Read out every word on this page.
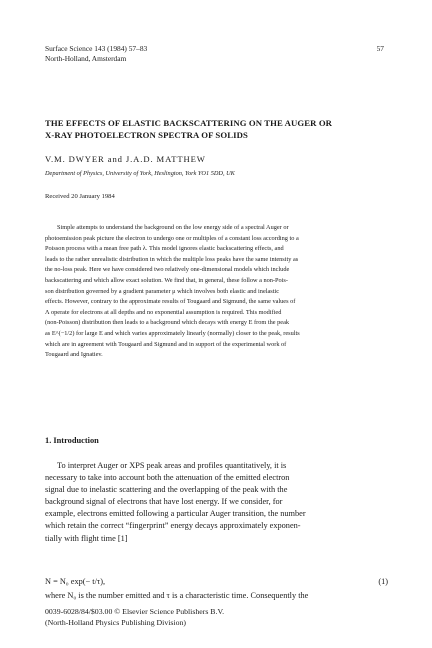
Surface Science 143 (1984) 57–83
North-Holland, Amsterdam
57
THE EFFECTS OF ELASTIC BACKSCATTERING ON THE AUGER OR
X-RAY PHOTOELECTRON SPECTRA OF SOLIDS
V.M. DWYER and J.A.D. MATTHEW
Department of Physics, University of York, Heslington, York YO1 5DD, UK
Received 20 January 1984
Simple attempts to understand the background on the low energy side of a spectral Auger or
photoemission peak picture the electron to undergo one or multiples of a constant loss according to a
Poisson process with a mean free path λ. This model ignores elastic backscattering effects, and
leads to the rather unrealistic distribution in which the multiple loss peaks have the same intensity as
the no-loss peak. Here we have considered two relatively one-dimensional models which include
backscattering and which allow exact solution. We find that, in general, these follow a non-Pois-
son distribution governed by a gradient parameter μ which involves both elastic and inelastic
effects. However, contrary to the approximate results of Tougaard and Sigmund, the same values of
Λ operate for electrons at all depths and no exponential assumption is required. This modified
(non-Poisson) distribution then leads to a background which decays with energy E from the peak
as E^(−1/2) for large E and which varies approximately linearly (normally) closer to the peak, results
which are in agreement with Tougaard and Sigmund and in support of the experimental work of
Tougaard and Ignatiev.
1. Introduction
To interpret Auger or XPS peak areas and profiles quantitatively, it is
necessary to take into account both the attenuation of the emitted electron
signal due to inelastic scattering and the overlapping of the peak with the
background signal of electrons that have lost energy. If we consider, for
example, electrons emitted following a particular Auger transition, the number
which retain the correct “fingerprint” energy decays approximately exponen-
tially with flight time [1]
N = N₀ exp(− t/τ),	(1)
where N₀ is the number emitted and τ is a characteristic time. Consequently the
0039-6028/84/$03.00 © Elsevier Science Publishers B.V.
(North-Holland Physics Publishing Division)
